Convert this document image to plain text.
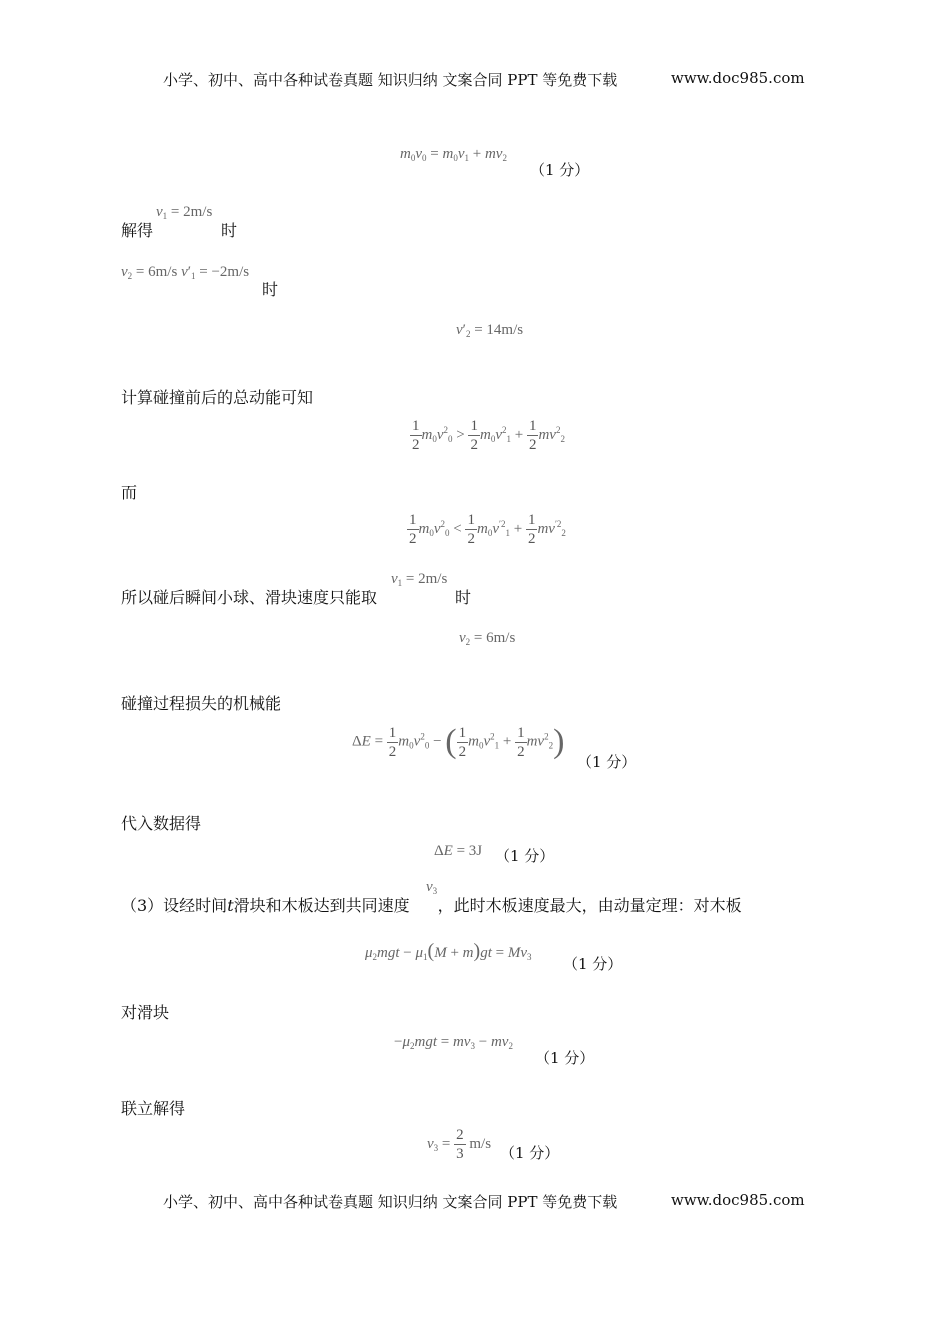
小学、初中、高中各种试卷真题 知识归纳 文案合同 PPT 等免费下载	www.doc985.com
$m_0v_0 = m_0v_1 + mv_2$
（1 分）
解得
$v_1 = 2m/s$
时
$v_2 = 6m/s$ $v'_1 = -2m/s$
时
$v'_2 = 14m/s$
计算碰撞前后的总动能可知
$\frac{1}{2} m_0v^2_0 > \frac{1}{2} m_0v^2_1 + \frac{1}{2} mv^2_2$
而
$\frac{1}{2} m_0v^2_0 < \frac{1}{2} m_0v^{'2}_1 + \frac{1}{2} mv^{'2}_2$
所以碰后瞬间小球、滑块速度只能取
$v_1 = 2m/s$
时
$v_2 = 6m/s$
碰撞过程损失的机械能
$\Delta E = \frac{1}{2} m_0v^2_0$ − ( $\frac{1}{2} m_0v^2_1 + \frac{1}{2} mv^2_2$)
（1 分）
代入数据得
ΔE = 3J （1 分）
（3）设经时间t滑块和木板达到共同速度 ，此时木板速度最大，由动量定理：对木板
$v_3$
$\mu_2mgt - \mu_1(M + m)gt = Mv_3$ （1 分）
对滑块
$-\mu_2mgt = mv_3 - mv_2$
（1 分）
联立解得
$v_3 = \frac{2}{3} m/s$
（1 分）
小学、初中、高中各种试卷真题 知识归纳 文案合同 PPT 等免费下载	www.doc985.com
